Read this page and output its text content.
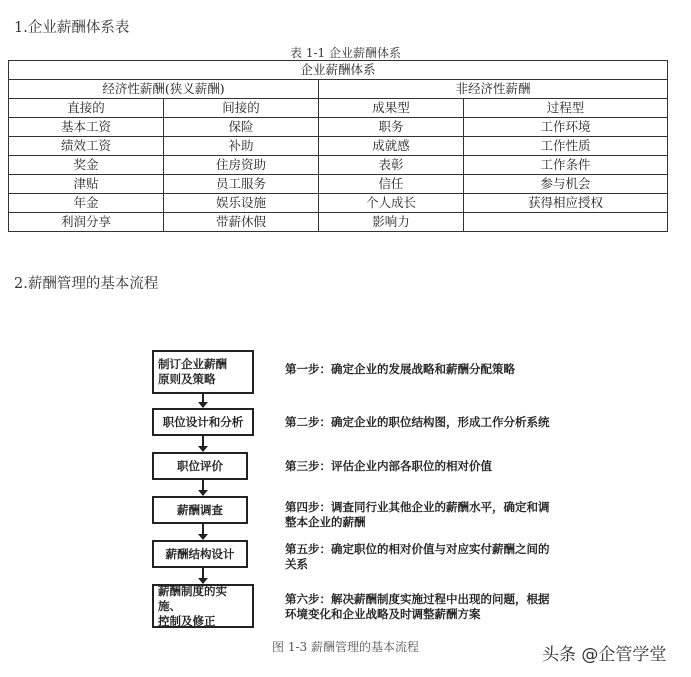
1.企业薪酬体系表
表 1-1 企业薪酬体系
企业薪酬体系			
经济性薪酬(狭义薪酬)		非经济性薪酬	
直接的	间接的	成果型	过程型
基本工资	保险	职务	工作环境
绩效工资	补助	成就感	工作性质
奖金	住房资助	表彰	工作条件
津贴	员工服务	信任	参与机会
年金	娱乐设施	个人成长	获得相应授权
利润分享	带薪休假	影响力	
2.薪酬管理的基本流程
制订企业薪酬
原则及策略
职位设计和分析
职位评价
薪酬调查
薪酬结构设计
薪酬制度的实施、
控制及修正
第一步：确定企业的发展战略和薪酬分配策略
第二步：确定企业的职位结构图，形成工作分析系统
第三步：评估企业内部各职位的相对价值
第四步：调查同行业其他企业的薪酬水平，确定和调
整本企业的薪酬
第五步：确定职位的相对价值与对应实付薪酬之间的
关系
第六步：解决薪酬制度实施过程中出现的问题，根据
环境变化和企业战略及时调整薪酬方案
图 1-3 薪酬管理的基本流程	头条 @企管学堂
